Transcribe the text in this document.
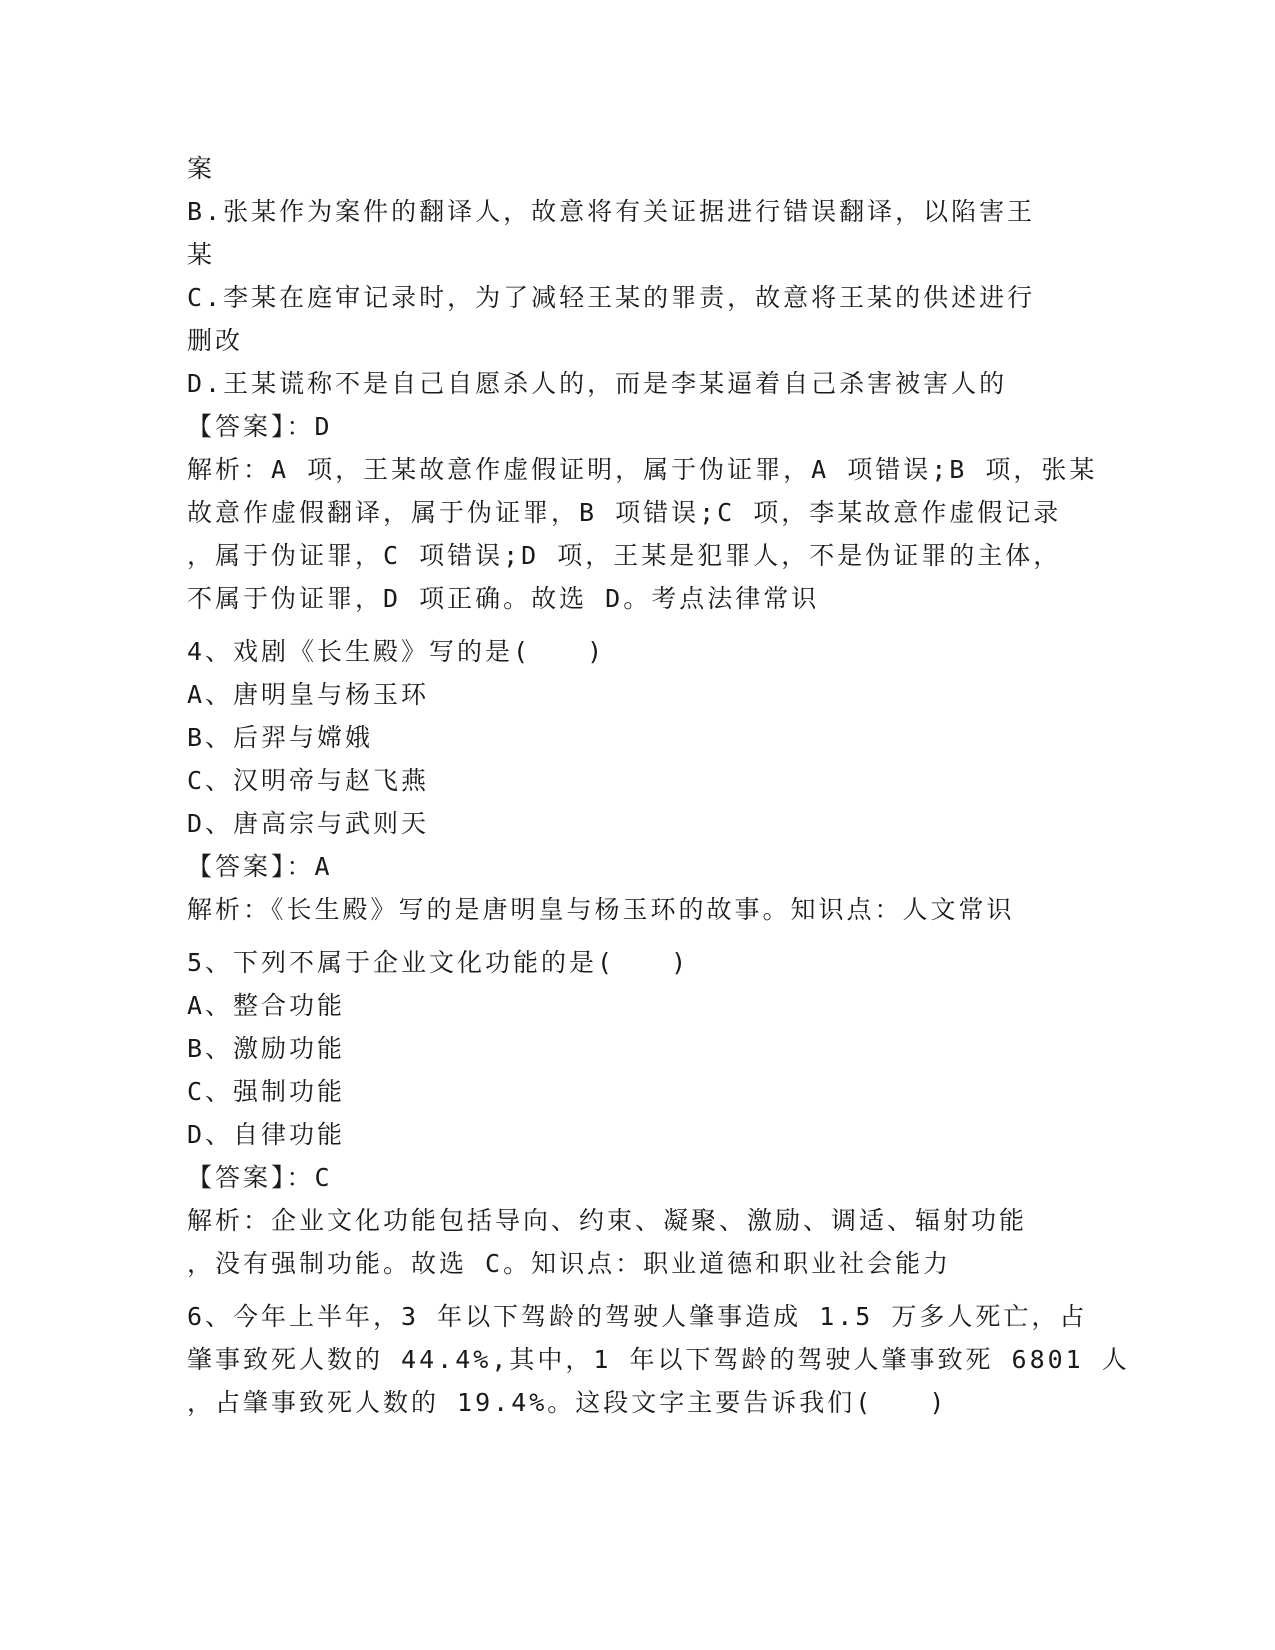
案
B.张某作为案件的翻译人，故意将有关证据进行错误翻译，以陷害王
某
C.李某在庭审记录时，为了减轻王某的罪责，故意将王某的供述进行
删改
D.王某谎称不是自己自愿杀人的，而是李某逼着自己杀害被害人的
【答案】：D
解析：A 项，王某故意作虚假证明，属于伪证罪，A 项错误;B 项，张某
故意作虚假翻译，属于伪证罪，B 项错误;C 项，李某故意作虚假记录
，属于伪证罪，C 项错误;D 项，王某是犯罪人，不是伪证罪的主体，
不属于伪证罪，D 项正确。故选 D。考点法律常识
4、戏剧《长生殿》写的是(　　)
A、唐明皇与杨玉环
B、后羿与嫦娥
C、汉明帝与赵飞燕
D、唐高宗与武则天
【答案】：A
解析：《长生殿》写的是唐明皇与杨玉环的故事。知识点：人文常识
5、下列不属于企业文化功能的是(　　)
A、整合功能
B、激励功能
C、强制功能
D、自律功能
【答案】：C
解析：企业文化功能包括导向、约束、凝聚、激励、调适、辐射功能
，没有强制功能。故选 C。知识点：职业道德和职业社会能力
6、今年上半年，3 年以下驾龄的驾驶人肇事造成 1.5 万多人死亡，占
肇事致死人数的 44.4%,其中，1 年以下驾龄的驾驶人肇事致死 6801 人
，占肇事致死人数的 19.4%。这段文字主要告诉我们(　　)
